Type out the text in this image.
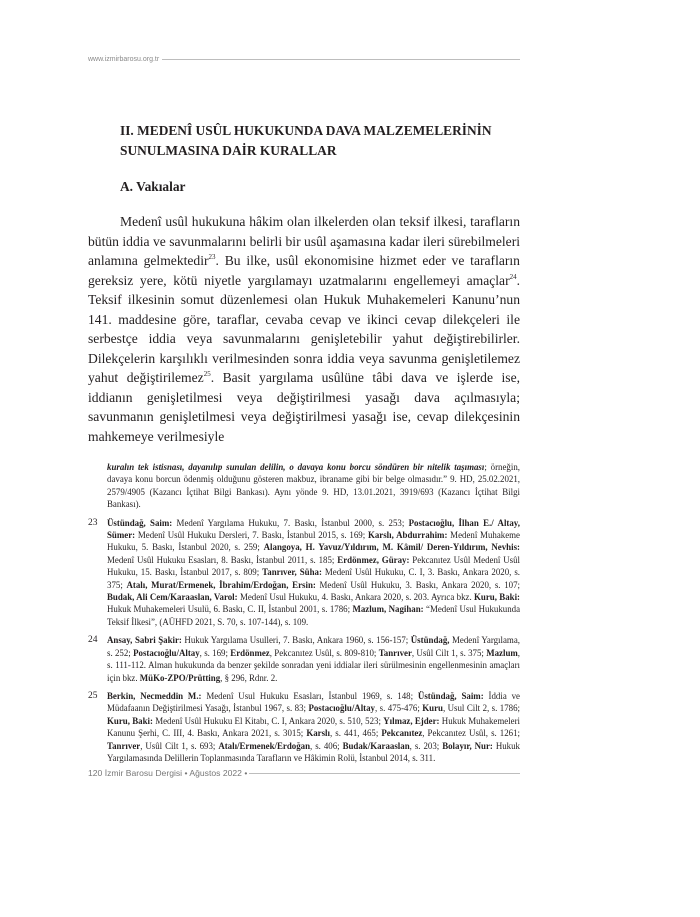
www.izmirbarosu.org.tr
II. MEDENÎ USÛL HUKUKUNDA DAVA MALZEMELERİNİN SUNULMASINA DAİR KURALLAR
A. Vakıalar

Medenî usûl hukukuna hâkim olan ilkelerden olan teksif ilkesi, tarafların bütün iddia ve savunmalarını belirli bir usûl aşamasına kadar ileri sürebilmeleri anlamına gelmektedir$^{23}$. Bu ilke, usûl ekonomisine hizmet eder ve tarafların gereksiz yere, kötü niyetle yargılamayı uzatmalarını engellemeyi amaçlar$^{24}$. Teksif ilkesinin somut düzenlemesi olan Hukuk Muhakemeleri Kanunu’nun 141. maddesine göre, taraflar, cevaba cevap ve ikinci cevap dilekçeleri ile serbestçe iddia veya savunmalarını genişletebilir yahut değiştirebilirler. Dilekçelerin karşılıklı verilmesinden sonra iddia veya savunma genişletilemez yahut değiştirilemez$^{25}$. Basit yargılama usûlüne tâbi dava ve işlerde ise, iddianın genişletilmesi veya değiştirilmesi yasağı dava açılmasıyla; savunmanın genişletilmesi veya değiştirilmesi yasağı ise, cevap dilekçesinin mahkemeye verilmesiyle

kuralın tek istisnası, dayanılıp sunulan delilin, o davaya konu borcu söndüren bir nitelik taşıması; örneğin, davaya konu borcun ödenmiş olduğunu gösteren makbuz, ibraname gibi bir belge olmasıdır.” 9. HD, 25.02.2021, 2579/4905 (Kazancı İçtihat Bilgi Bankası). Aynı yönde 9. HD, 13.01.2021, 3919/693 (Kazancı İçtihat Bilgi Bankası).
23	Üstündağ, Saim: Medenî Yargılama Hukuku, 7. Baskı, İstanbul 2000, s. 253; Postacıoğlu, İlhan E./ Altay, Sümer: Medenî Usûl Hukuku Dersleri, 7. Baskı, İstanbul 2015, s. 169; Karslı, Abdurrahim: Medenî Muhakeme Hukuku, 5. Baskı, İstanbul 2020, s. 259; Alangoya, H. Yavuz/Yıldırım, M. Kâmil/ Deren-Yıldırım, Nevhis: Medenî Usûl Hukuku Esasları, 8. Baskı, İstanbul 2011, s. 185; Erdönmez, Güray: Pekcanıtez Usûl Medenî Usûl Hukuku, 15. Baskı, İstanbul 2017, s. 809; Tanrıver, Süha: Medenî Usûl Hukuku, C. I, 3. Baskı, Ankara 2020, s. 375; Atalı, Murat/Ermenek, İbrahim/Erdoğan, Ersin: Medenî Usûl Hukuku, 3. Baskı, Ankara 2020, s. 107; Budak, Ali Cem/Karaaslan, Varol: Medenî Usul Hukuku, 4. Baskı, Ankara 2020, s. 203. Ayrıca bkz. Kuru, Baki: Hukuk Muhakemeleri Usulü, 6. Baskı, C. II, İstanbul 2001, s. 1786; Mazlum, Nagihan: “Medenî Usul Hukukunda Teksif İlkesi”, (AÜHFD 2021, S. 70, s. 107-144), s. 109.
24	Ansay, Sabri Şakir: Hukuk Yargılama Usulleri, 7. Baskı, Ankara 1960, s. 156-157; Üstündağ, Medenî Yargılama, s. 252; Postacıoğlu/Altay, s. 169; Erdönmez, Pekcanıtez Usûl, s. 809-810; Tanrıver, Usûl Cilt 1, s. 375; Mazlum, s. 111-112. Alman hukukunda da benzer şekilde sonradan yeni iddialar ileri sürülmesinin engellenmesinin amaçları için bkz. MüKo-ZPO/Prütting, § 296, Rdnr. 2.
25	Berkin, Necmeddin M.: Medenî Usul Hukuku Esasları, İstanbul 1969, s. 148; Üstündağ, Saim: İddia ve Müdafaanın Değiştirilmesi Yasağı, İstanbul 1967, s. 83; Postacıoğlu/Altay, s. 475-476; Kuru, Usul Cilt 2, s. 1786; Kuru, Baki: Medenî Usûl Hukuku El Kitabı, C. I, Ankara 2020, s. 510, 523; Yılmaz, Ejder: Hukuk Muhakemeleri Kanunu Şerhi, C. III, 4. Baskı, Ankara 2021, s. 3015; Karslı, s. 441, 465; Pekcanıtez, Pekcanıtez Usûl, s. 1261; Tanrıver, Usûl Cilt 1, s. 693; Atalı/Ermenek/Erdoğan, s. 406; Budak/Karaaslan, s. 203; Bolayır, Nur: Hukuk Yargılamasında Delillerin Toplanmasında Tarafların ve Hâkimin Rolü, İstanbul 2014, s. 311.
120 İzmir Barosu Dergisi • Ağustos 2022 •
